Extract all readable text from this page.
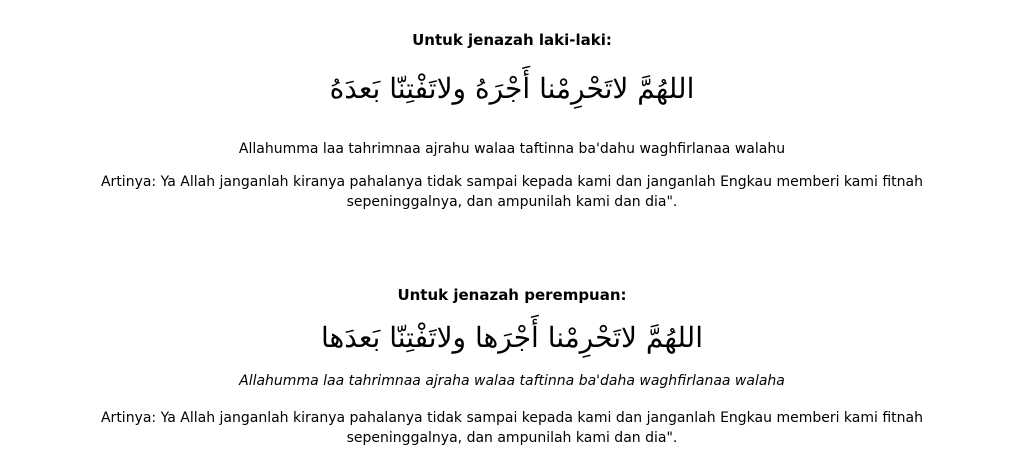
Untuk jenazah laki-laki:

اللهُمَّ لاتَحْرِمْنا أَجْرَهُ ولاتَفْتِنّا بَعدَهُ

Allahumma laa tahrimnaa ajrahu walaa taftinna ba'dahu waghfirlanaa walahu

Artinya: Ya Allah janganlah kiranya pahalanya tidak sampai kepada kami dan janganlah Engkau memberi kami fitnah sepeninggalnya, dan ampunilah kami dan dia".

Untuk jenazah perempuan:

اللهُمَّ لاتَحْرِمْنا أَجْرَها ولاتَفْتِنّا بَعدَها

Allahumma laa tahrimnaa ajraha walaa taftinna ba'daha waghfirlanaa walaha

Artinya: Ya Allah janganlah kiranya pahalanya tidak sampai kepada kami dan janganlah Engkau memberi kami fitnah sepeninggalnya, dan ampunilah kami dan dia".
